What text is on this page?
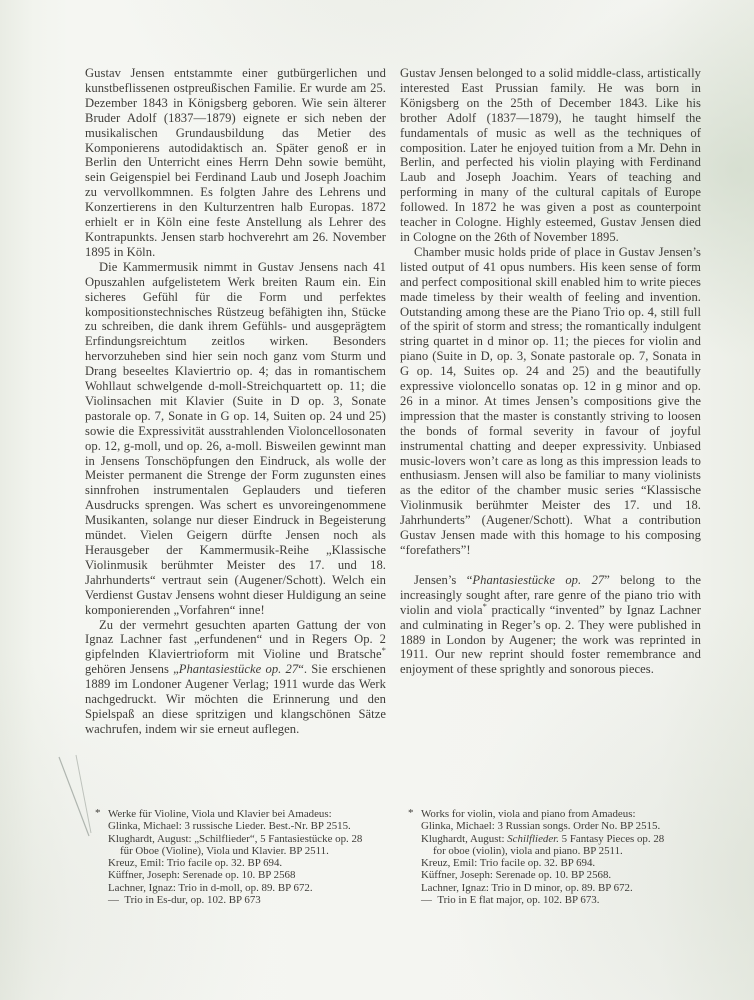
Gustav Jensen entstammte einer gutbürgerlichen und kunstbeflissenen ostpreußischen Familie. Er wurde am 25. Dezember 1843 in Königsberg geboren. Wie sein älterer Bruder Adolf (1837—1879) eignete er sich neben der musikalischen Grundausbildung das Metier des Komponierens autodidaktisch an. Später genoß er in Berlin den Unterricht eines Herrn Dehn sowie bemüht, sein Geigenspiel bei Ferdinand Laub und Joseph Joachim zu vervollkommnen. Es folgten Jahre des Lehrens und Konzertierens in den Kulturzentren halb Europas. 1872 erhielt er in Köln eine feste Anstellung als Lehrer des Kontrapunkts. Jensen starb hochverehrt am 26. November 1895 in Köln.

Die Kammermusik nimmt in Gustav Jensens nach 41 Opuszahlen aufgelistetem Werk breiten Raum ein. Ein sicheres Gefühl für die Form und perfektes kompositionstechnisches Rüstzeug befähigten ihn, Stücke zu schreiben, die dank ihrem Gefühls- und ausgeprägtem Erfindungsreichtum zeitlos wirken. Besonders hervorzuheben sind hier sein noch ganz vom Sturm und Drang beseeltes Klaviertrio op. 4; das in romantischem Wohllaut schwelgende d-moll-Streichquartett op. 11; die Violinsachen mit Klavier (Suite in D op. 3, Sonate pastorale op. 7, Sonate in G op. 14, Suiten op. 24 und 25) sowie die Expressivität ausstrahlenden Violoncellosonaten op. 12, g-moll, und op. 26, a-moll. Bisweilen gewinnt man in Jensens Tonschöpfungen den Eindruck, als wolle der Meister permanent die Strenge der Form zugunsten eines sinnfrohen instrumentalen Geplauders und tieferen Ausdrucks sprengen. Was schert es unvoreingenommene Musikanten, solange nur dieser Eindruck in Begeisterung mündet. Vielen Geigern dürfte Jensen noch als Herausgeber der Kammermusik-Reihe „Klassische Violinmusik berühmter Meister des 17. und 18. Jahrhunderts“ vertraut sein (Augener/Schott). Welch ein Verdienst Gustav Jensens wohnt dieser Huldigung an seine komponierenden „Vorfahren“ inne!

Zu der vermehrt gesuchten aparten Gattung der von Ignaz Lachner fast „erfundenen“ und in Regers Op. 2 gipfelnden Klaviertrioform mit Violine und Bratsche* gehören Jensens „Phantasiestücke op. 27“. Sie erschienen 1889 im Londoner Augener Verlag; 1911 wurde das Werk nachgedruckt. Wir möchten die Erinnerung und den Spielspaß an diese spritzigen und klangschönen Sätze wachrufen, indem wir sie erneut auflegen.

Gustav Jensen belonged to a solid middle-class, artistically interested East Prussian family. He was born in Königsberg on the 25th of December 1843. Like his brother Adolf (1837—1879), he taught himself the fundamentals of music as well as the techniques of composition. Later he enjoyed tuition from a Mr. Dehn in Berlin, and perfected his violin playing with Ferdinand Laub and Joseph Joachim. Years of teaching and performing in many of the cultural capitals of Europe followed. In 1872 he was given a post as counterpoint teacher in Cologne. Highly esteemed, Gustav Jensen died in Cologne on the 26th of November 1895.

Chamber music holds pride of place in Gustav Jensen’s listed output of 41 opus numbers. His keen sense of form and perfect compositional skill enabled him to write pieces made timeless by their wealth of feeling and invention. Outstanding among these are the Piano Trio op. 4, still full of the spirit of storm and stress; the romantically indulgent string quartet in d minor op. 11; the pieces for violin and piano (Suite in D, op. 3, Sonate pastorale op. 7, Sonata in G op. 14, Suites op. 24 and 25) and the beautifully expressive violoncello sonatas op. 12 in g minor and op. 26 in a minor. At times Jensen’s compositions give the impression that the master is constantly striving to loosen the bonds of formal severity in favour of joyful instrumental chatting and deeper expressivity. Unbiased music-lovers won’t care as long as this impression leads to enthusiasm. Jensen will also be familiar to many violinists as the editor of the chamber music series “Klassische Violinmusik berühmter Meister des 17. und 18. Jahrhunderts” (Augener/Schott). What a contribution Gustav Jensen made with this homage to his composing “forefathers”!

Jensen’s “Phantasiestücke op. 27” belong to the increasingly sought after, rare genre of the piano trio with violin and viola* practically “invented” by Ignaz Lachner and culminating in Reger’s op. 2. They were published in 1889 in London by Augener; the work was reprinted in 1911. Our new reprint should foster remembrance and enjoyment of these sprightly and sonorous pieces.

* Werke für Violine, Viola und Klavier bei Amadeus:
Glinka, Michael: 3 russische Lieder. Best.-Nr. BP 2515.
Klughardt, August: „Schilflieder“, 5 Fantasiestücke op. 28
für Oboe (Violine), Viola und Klavier. BP 2511.
Kreuz, Emil: Trio facile op. 32. BP 694.
Küffner, Joseph: Serenade op. 10. BP 2568
Lachner, Ignaz: Trio in d-moll, op. 89. BP 672.
— Trio in Es-dur, op. 102. BP 673
* Works for violin, viola and piano from Amadeus:
Glinka, Michael: 3 Russian songs. Order No. BP 2515.
Klughardt, August: Schilflieder. 5 Fantasy Pieces op. 28
for oboe (violin), viola and piano. BP 2511.
Kreuz, Emil: Trio facile op. 32. BP 694.
Küffner, Joseph: Serenade op. 10. BP 2568.
Lachner, Ignaz: Trio in D minor, op. 89. BP 672.
— Trio in E flat major, op. 102. BP 673.
